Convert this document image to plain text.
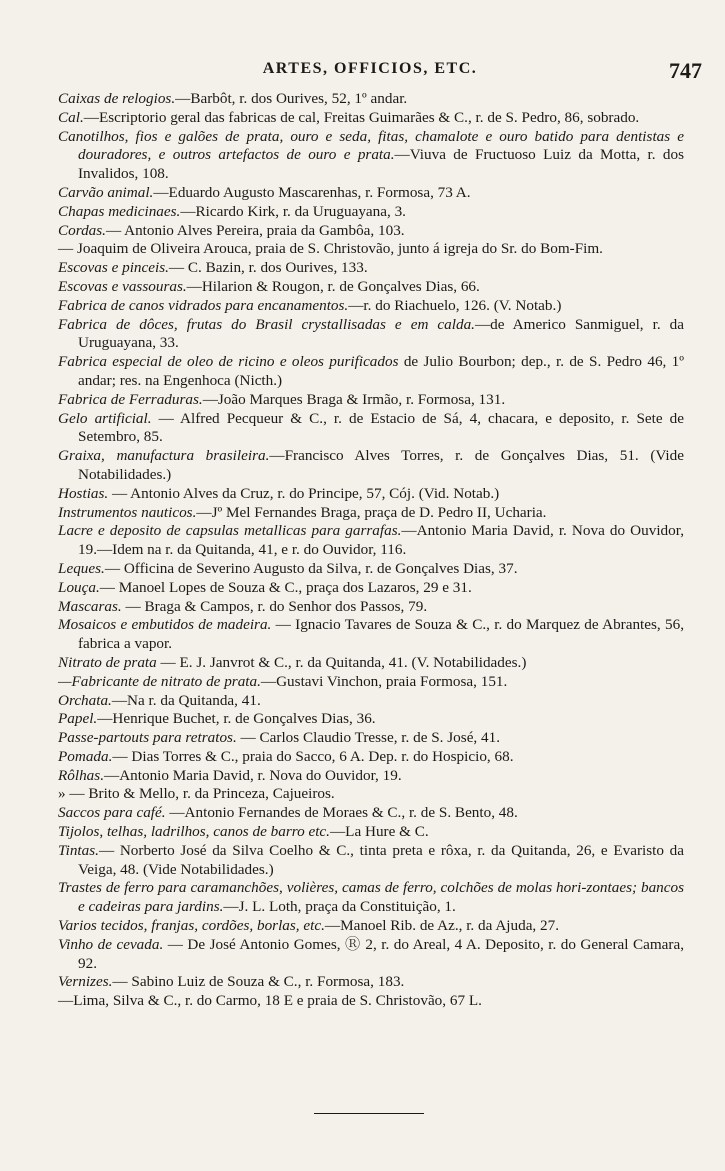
ARTES, OFFICIOS, ETC.	747
Caixas de relogios.—Barbôt, r. dos Ourives, 52, 1º andar.
Cal.—Escriptorio geral das fabricas de cal, Freitas Guimarães & C., r. de S. Pedro, 86, sobrado.
Canotilhos, fios e galões de prata, ouro e seda, fitas, chamalote e ouro batido para dentistas e douradores, e outros artefactos de ouro e prata.—Viuva de Fructuoso Luiz da Motta, r. dos Invalidos, 108.
Carvão animal.—Eduardo Augusto Mascarenhas, r. Formosa, 73 A.
Chapas medicinaes.—Ricardo Kirk, r. da Uruguayana, 3.
Cordas.— Antonio Alves Pereira, praia da Gambôa, 103.
— Joaquim de Oliveira Arouca, praia de S. Christovão, junto á igreja do Sr. do Bom-Fim.
Escovas e pinceis.— C. Bazin, r. dos Ourives, 133.
Escovas e vassouras.—Hilarion & Rougon, r. de Gonçalves Dias, 66.
Fabrica de canos vidrados para encanamentos.—r. do Riachuelo, 126. (V. Notab.)
Fabrica de dôces, frutas do Brasil crystallisadas e em calda.—de Americo Sanmiguel, r. da Uruguayana, 33.
Fabrica especial de oleo de ricino e oleos purificados de Julio Bourbon; dep., r. de S. Pedro 46, 1º andar; res. na Engenhoca (Nicth.)
Fabrica de Ferraduras.—João Marques Braga & Irmão, r. Formosa, 131.
Gelo artificial. — Alfred Pecqueur & C., r. de Estacio de Sá, 4, chacara, e deposito, r. Sete de Setembro, 85.
Graixa, manufactura brasileira.—Francisco Alves Torres, r. de Gonçalves Dias, 51. (Vide Notabilidades.)
Hostias. — Antonio Alves da Cruz, r. do Principe, 57, Cój. (Vid. Notab.)
Instrumentos nauticos.—Jº Mel Fernandes Braga, praça de D. Pedro II, Ucharia.
Lacre e deposito de capsulas metallicas para garrafas.—Antonio Maria David, r. Nova do Ouvidor, 19.—Idem na r. da Quitanda, 41, e r. do Ouvidor, 116.
Leques.— Officina de Severino Augusto da Silva, r. de Gonçalves Dias, 37.
Louça.— Manoel Lopes de Souza & C., praça dos Lazaros, 29 e 31.
Mascaras. — Braga & Campos, r. do Senhor dos Passos, 79.
Mosaicos e embutidos de madeira. — Ignacio Tavares de Souza & C., r. do Marquez de Abrantes, 56, fabrica a vapor.
Nitrato de prata — E. J. Janvrot & C., r. da Quitanda, 41. (V. Notabilidades.)
—Fabricante de nitrato de prata.—Gustavi Vinchon, praia Formosa, 151.
Orchata.—Na r. da Quitanda, 41.
Papel.—Henrique Buchet, r. de Gonçalves Dias, 36.
Passe-partouts para retratos. — Carlos Claudio Tresse, r. de S. José, 41.
Pomada.— Dias Torres & C., praia do Sacco, 6 A. Dep. r. do Hospicio, 68.
Rôlhas.—Antonio Maria David, r. Nova do Ouvidor, 19.
» — Brito & Mello, r. da Princeza, Cajueiros.
Saccos para café. —Antonio Fernandes de Moraes & C., r. de S. Bento, 48.
Tijolos, telhas, ladrilhos, canos de barro etc.—La Hure & C.
Tintas.— Norberto José da Silva Coelho & C., tinta preta e rôxa, r. da Quitanda, 26, e Evaristo da Veiga, 48. (Vide Notabilidades.)
Trastes de ferro para caramanchões, volières, camas de ferro, colchões de molas hori-zontaes; bancos e cadeiras para jardins.—J. L. Loth, praça da Constituição, 1.
Varios tecidos, franjas, cordões, borlas, etc.—Manoel Rib. de Az., r. da Ajuda, 27.
Vinho de cevada. — De José Antonio Gomes, Ⓡ 2, r. do Areal, 4 A. Deposito, r. do General Camara, 92.
Vernizes.— Sabino Luiz de Souza & C., r. Formosa, 183.
—Lima, Silva & C., r. do Carmo, 18 E e praia de S. Christovão, 67 L.
